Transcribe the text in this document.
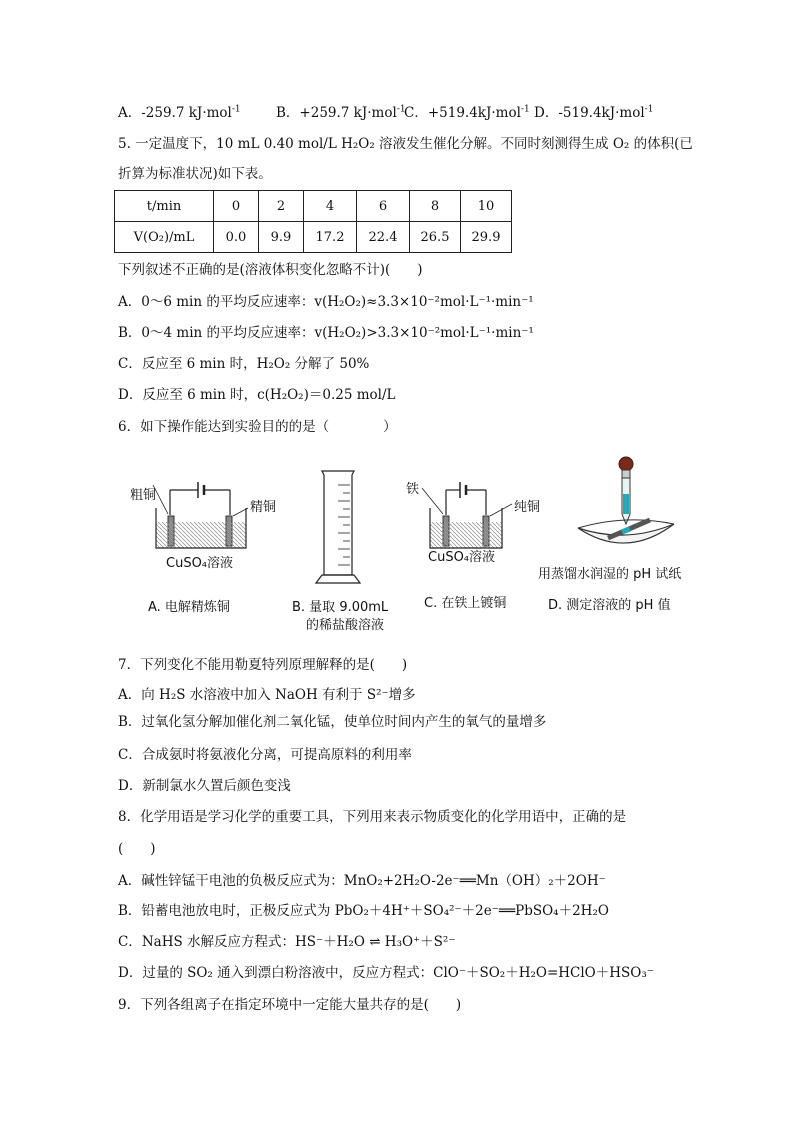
A．-259.7 kJ·mol$^{-1}$	B．+259.7 kJ·mol$^{-1}$
C．+519.4kJ·mol$^{-1}$ D．-519.4kJ·mol$^{-1}$
5. 一定温度下，10 mL 0.40 mol/L H₂O₂ 溶液发生催化分解。不同时刻测得生成 O₂ 的体积(已
折算为标准状况)如下表。
t/min	0	2	4	6	8	10
V(O₂)/mL	0.0	9.9	17.2	22.4	26.5	29.9
下列叙述不正确的是(溶液体积变化忽略不计)(　　)
A．0～6 min 的平均反应速率：v(H₂O₂)≈3.3×10⁻²mol·L⁻¹·min⁻¹
B．0～4 min 的平均反应速率：v(H₂O₂)>3.3×10⁻²mol·L⁻¹·min⁻¹
C．反应至 6 min 时，H₂O₂ 分解了 50%
D．反应至 6 min 时，c(H₂O₂)＝0.25 mol/L
6．如下操作能达到实验目的的是（　　　　）
粗铜
精铜
CuSO₄溶液
A. 电解精炼铜	B. 量取 9.00mL
的稀盐酸溶液
铁
纯铜
CuSO₄溶液
C. 在铁上镀铜
用蒸馏水润湿的 pH 试纸
D. 测定溶液的 pH 值
7．下列变化不能用勒夏特列原理解释的是(　　)
A．向 H₂S 水溶液中加入 NaOH 有利于 S²⁻增多
B．过氧化氢分解加催化剂二氧化锰，使单位时间内产生的氧气的量增多
C．合成氨时将氨液化分离，可提高原料的利用率
D．新制氯水久置后颜色变浅
8．化学用语是学习化学的重要工具，下列用来表示物质变化的化学用语中，正确的是
(　　)
A．碱性锌锰干电池的负极反应式为：MnO₂+2H₂O-2e⁻══Mn（OH）₂＋2OH⁻
B．铅蓄电池放电时，正极反应式为 PbO₂＋4H⁺＋SO₄²⁻＋2e⁻══PbSO₄＋2H₂O
C．NaHS 水解反应方程式：HS⁻＋H₂O ⇌ H₃O⁺＋S²⁻
D．过量的 SO₂ 通入到漂白粉溶液中，反应方程式：ClO⁻＋SO₂＋H₂O=HClO＋HSO₃⁻
9．下列各组离子在指定环境中一定能大量共存的是(　　)
